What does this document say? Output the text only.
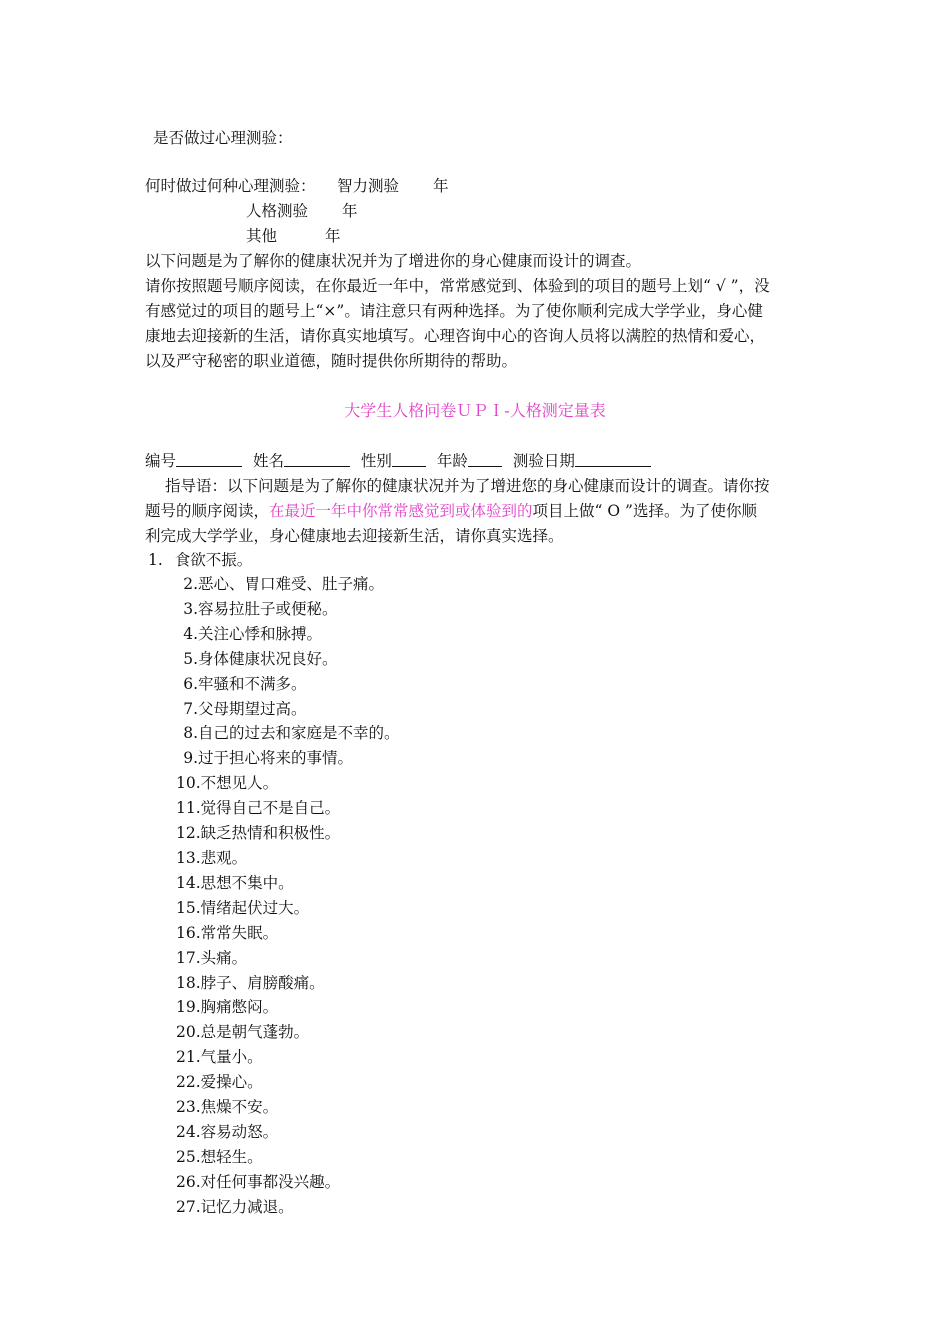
是否做过心理测验：
何时做过何种心理测验： 智力测验 年
人格测验 年
其他	年
以下问题是为了解你的健康状况并为了增进你的身心健康而设计的调查。
请你按照题号顺序阅读，在你最近一年中，常常感觉到、体验到的项目的题号上划“ √ ”，没
有感觉过的项目的题号上“×”。请注意只有两种选择。为了使你顺利完成大学学业，身心健
康地去迎接新的生活，请你真实地填写。心理咨询中心的咨询人员将以满腔的热情和爱心，
以及严守秘密的职业道德，随时提供你所期待的帮助。
大学生人格问卷ＵＰＩ-人格测定量表
编号	姓名	性别	年龄	测验日期
指导语：以下问题是为了解你的健康状况并为了增进您的身心健康而设计的调查。请你按
题号的顺序阅读，在最近一年中你常常感觉到或体验到的项目上做“ O ”选择。为了使你顺
利完成大学学业，身心健康地去迎接新生活，请你真实选择。
1. 食欲不振。
2.恶心、胃口难受、肚子痛。
3.容易拉肚子或便秘。
4.关注心悸和脉搏。
5.身体健康状况良好。
6.牢骚和不满多。
7.父母期望过高。
8.自己的过去和家庭是不幸的。
9.过于担心将来的事情。
10.不想见人。
11.觉得自己不是自己。
12.缺乏热情和积极性。
13.悲观。
14.思想不集中。
15.情绪起伏过大。
16.常常失眠。
17.头痛。
18.脖子、肩膀酸痛。
19.胸痛憋闷。
20.总是朝气蓬勃。
21.气量小。
22.爱操心。
23.焦燥不安。
24.容易动怒。
25.想轻生。
26.对任何事都没兴趣。
27.记忆力减退。
